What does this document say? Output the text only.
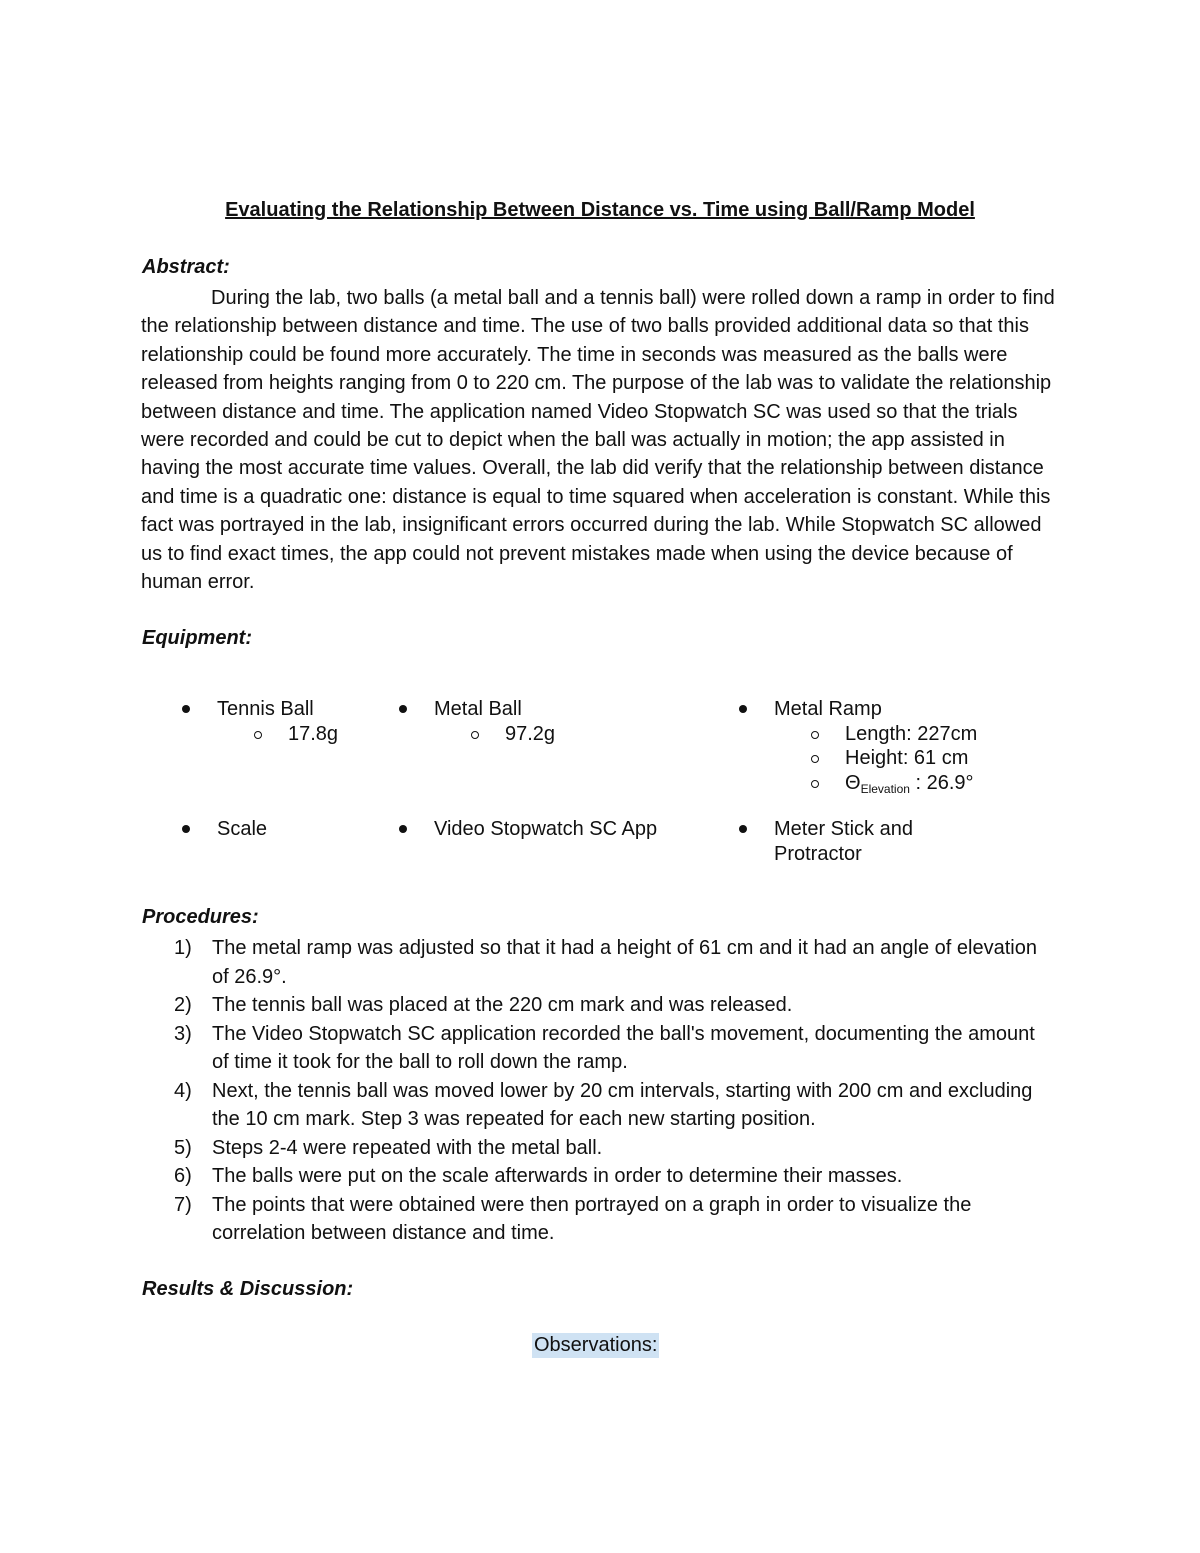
Evaluating the Relationship Between Distance vs. Time using Ball/Ramp Model
Abstract:
During the lab, two balls (a metal ball and a tennis ball) were rolled down a ramp in order to find the relationship between distance and time. The use of two balls provided additional data so that this relationship could be found more accurately. The time in seconds was measured as the balls were released from heights ranging from 0 to 220 cm. The purpose of the lab was to validate the relationship between distance and time. The application named Video Stopwatch SC was used so that the trials were recorded and could be cut to depict when the ball was actually in motion; the app assisted in having the most accurate time values. Overall, the lab did verify that the relationship between distance and time is a quadratic one: distance is equal to time squared when acceleration is constant. While this fact was portrayed in the lab, insignificant errors occurred during the lab. While Stopwatch SC allowed us to find exact times, the app could not prevent mistakes made when using the device because of human error.
Equipment:
Tennis Ball
17.8g
Metal Ball
97.2g
Metal Ramp
Length: 227cm
Height: 61 cm
$\Theta_{Elevation}$ : 26.9°
Scale	Video Stopwatch SC App	Meter Stick and
Protractor
Procedures:
1) The metal ramp was adjusted so that it had a height of 61 cm and it had an angle of elevation of 26.9°.
2) The tennis ball was placed at the 220 cm mark and was released.
3) The Video Stopwatch SC application recorded the ball's movement, documenting the amount of time it took for the ball to roll down the ramp.
4) Next, the tennis ball was moved lower by 20 cm intervals, starting with 200 cm and excluding the 10 cm mark. Step 3 was repeated for each new starting position.
5) Steps 2-4 were repeated with the metal ball.
6) The balls were put on the scale afterwards in order to determine their masses.
7) The points that were obtained were then portrayed on a graph in order to visualize the correlation between distance and time.
Results & Discussion:
Observations:
